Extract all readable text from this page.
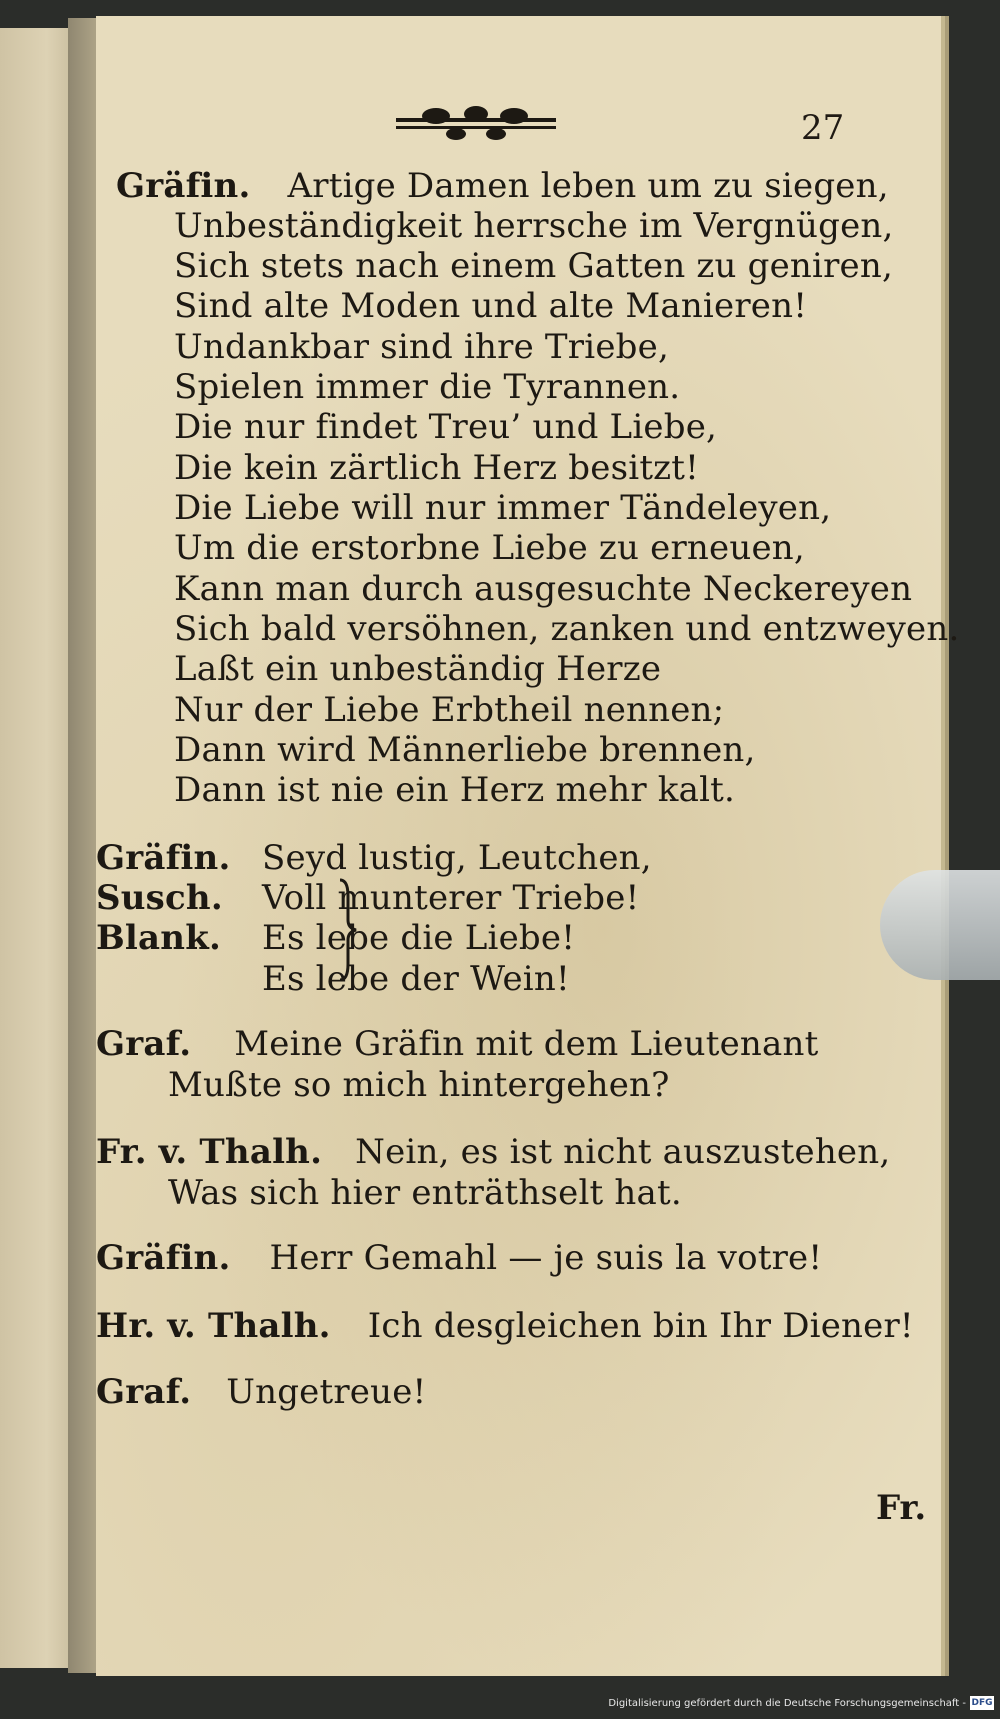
27
Gräfin. Artige Damen leben um zu siegen,
Unbeständigkeit herrsche im Vergnügen,
Sich stets nach einem Gatten zu geniren,
Sind alte Moden und alte Manieren!
Undankbar sind ihre Triebe,
Spielen immer die Tyrannen.
Die nur findet Treu’ und Liebe,
Die kein zärtlich Herz besitzt!
Die Liebe will nur immer Tändeleyen,
Um die erstorbne Liebe zu erneuen,
Kann man durch ausgesuchte Neckereyen
Sich bald versöhnen, zanken und entzweyen.
Laßt ein unbeständig Herze
Nur der Liebe Erbtheil nennen;
Dann wird Männerliebe brennen,
Dann ist nie ein Herz mehr kalt.
Gräfin. Seyd lustig, Leutchen,
Susch. Voll munterer Triebe!
Blank. Es lebe die Liebe!
Es lebe der Wein!
Graf. Meine Gräfin mit dem Lieutenant
Mußte so mich hintergehen?
Fr. v. Thalh. Nein, es ist nicht auszustehen,
Was sich hier enträthselt hat.
Gräfin. Herr Gemahl — je suis la votre!
Hr. v. Thalh. Ich desgleichen bin Ihr Diener!
Graf. Ungetreue!
Fr.
Digitalisierung gefördert durch die Deutsche Forschungsgemeinschaft - DFG
